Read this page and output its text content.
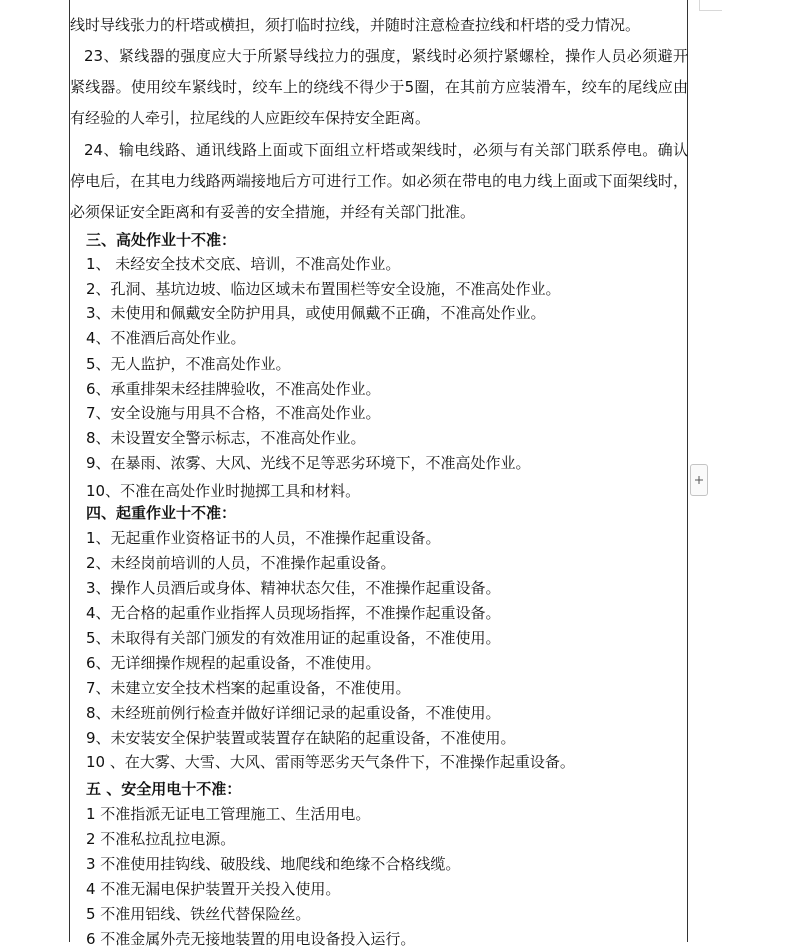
线时导线张力的杆塔或横担，须打临时拉线，并随时注意检查拉线和杆塔的受力情况。
23、紧线器的强度应大于所紧导线拉力的强度，紧线时必须拧紧螺栓，操作人员必须避开紧线器。使用绞车紧线时，绞车上的绕线不得少于5圈，在其前方应装滑车，绞车的尾线应由有经验的人牵引，拉尾线的人应距绞车保持安全距离。
24、输电线路、通讯线路上面或下面组立杆塔或架线时，必须与有关部门联系停电。确认停电后，在其电力线路两端接地后方可进行工作。如必须在带电的电力线上面或下面架线时，必须保证安全距离和有妥善的安全措施，并经有关部门批准。
三、高处作业十不准：
1、 未经安全技术交底、培训，不准高处作业。
2、孔洞、基坑边坡、临边区域未布置围栏等安全设施，不准高处作业。
3、未使用和佩戴安全防护用具，或使用佩戴不正确，不准高处作业。
4、不准酒后高处作业。
5、无人监护，不准高处作业。
6、承重排架未经挂牌验收，不准高处作业。
7、安全设施与用具不合格，不准高处作业。
8、未设置安全警示标志，不准高处作业。
9、在暴雨、浓雾、大风、光线不足等恶劣环境下，不准高处作业。
10、不准在高处作业时抛掷工具和材料。
四、起重作业十不准：
1、无起重作业资格证书的人员，不准操作起重设备。
2、未经岗前培训的人员，不准操作起重设备。
3、操作人员酒后或身体、精神状态欠佳，不准操作起重设备。
4、无合格的起重作业指挥人员现场指挥，不准操作起重设备。
5、未取得有关部门颁发的有效准用证的起重设备，不准使用。
6、无详细操作规程的起重设备，不准使用。
7、未建立安全技术档案的起重设备，不准使用。
8、未经班前例行检查并做好详细记录的起重设备，不准使用。
9、未安装安全保护装置或装置存在缺陷的起重设备，不准使用。
10 、在大雾、大雪、大风、雷雨等恶劣天气条件下，不准操作起重设备。
五 、安全用电十不准：
1 不准指派无证电工管理施工、生活用电。
2 不准私拉乱拉电源。
3 不准使用挂钩线、破股线、地爬线和绝缘不合格线缆。
4 不准无漏电保护装置开关投入使用。
5 不准用铝线、铁丝代替保险丝。
6 不准金属外壳无接地装置的用电设备投入运行。
